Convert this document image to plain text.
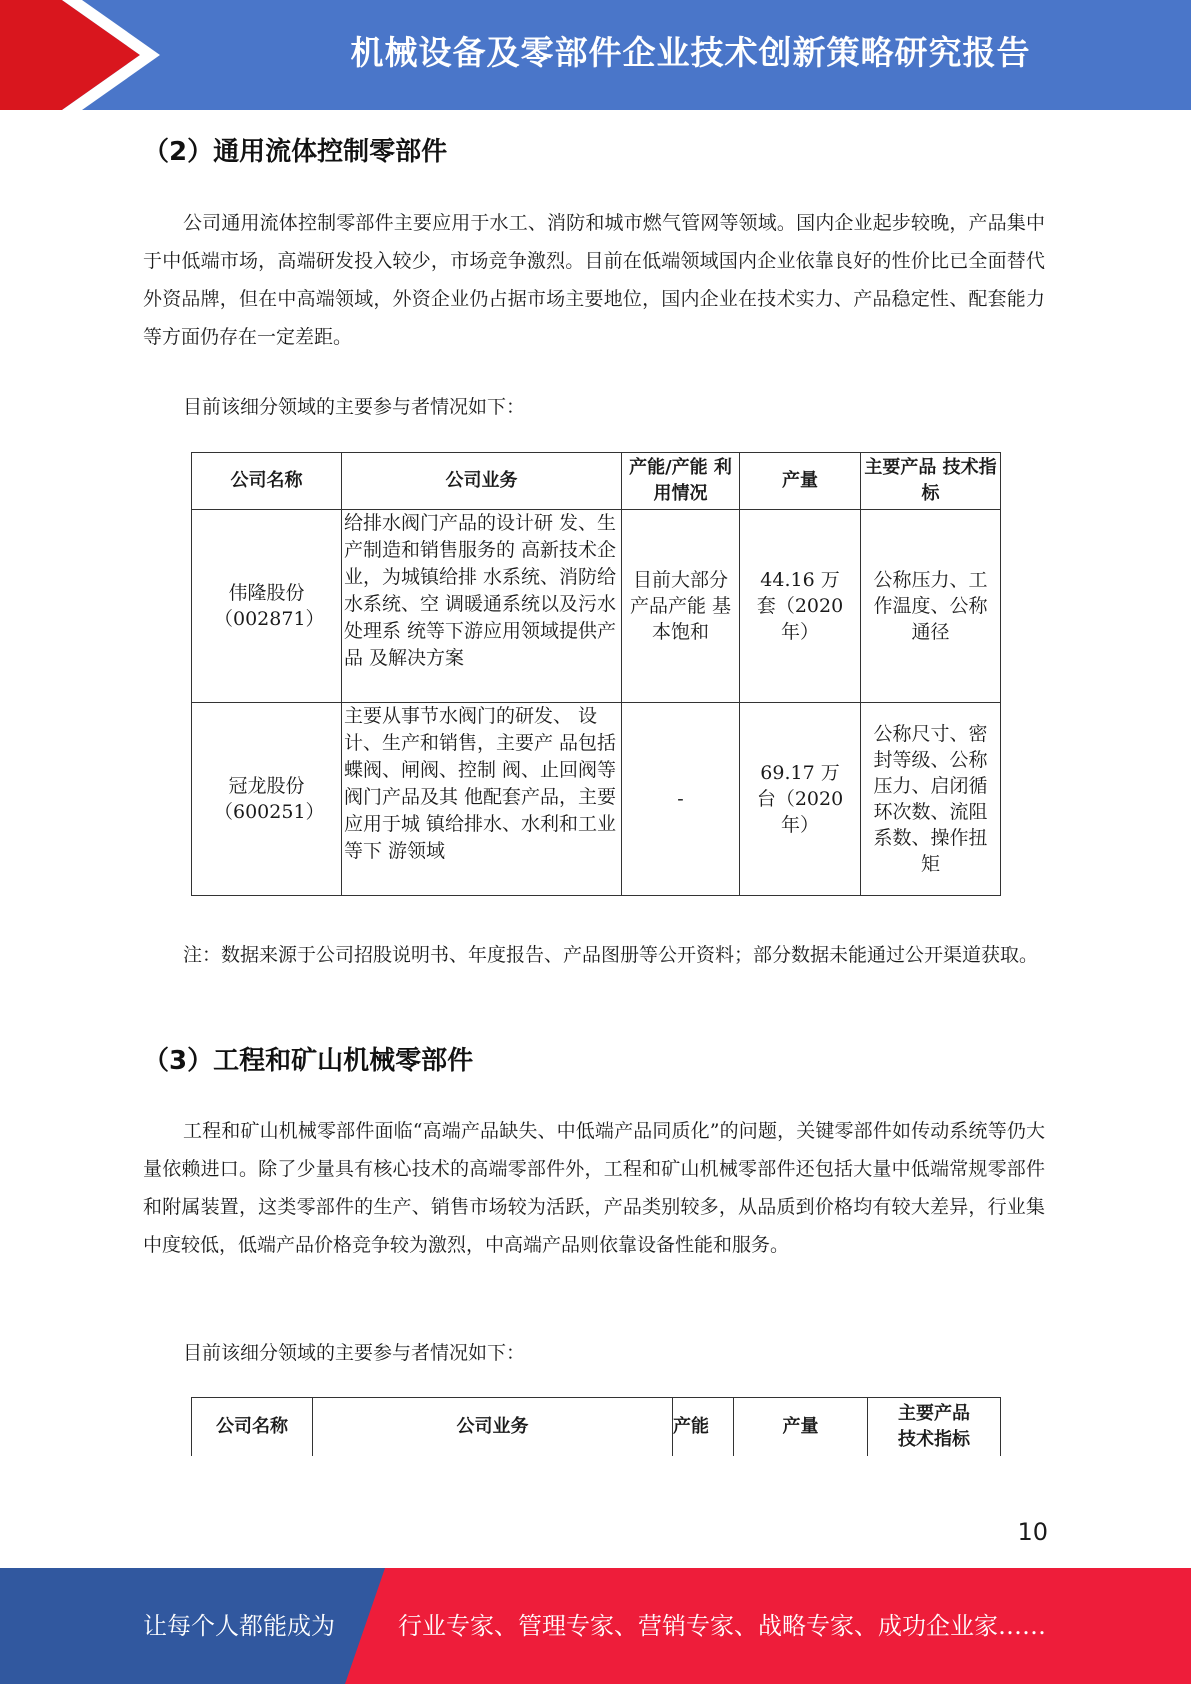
机械设备及零部件企业技术创新策略研究报告
（2）通用流体控制零部件

公司通用流体控制零部件主要应用于水工、消防和城市燃气管网等领域。国内企业起步较晚，产品集中于中低端市场，高端研发投入较少，市场竞争激烈。目前在低端领域国内企业依靠良好的性价比已全面替代外资品牌，但在中高端领域，外资企业仍占据市场主要地位，国内企业在技术实力、产品稳定性、配套能力等方面仍存在一定差距。

目前该细分领域的主要参与者情况如下：
公司名称	公司业务	产能/产能 利用情况	产量	主要产品 技术指标
伟隆股份（002871）	给排水阀门产品的设计研 发、生产制造和销售服务的 高新技术企业，为城镇给排 水系统、消防给水系统、空 调暖通系统以及污水处理系 统等下游应用领域提供产品 及解决方案	目前大部分产品产能 基本饱和	44.16 万套（2020 年）	公称压力、工作温度、公称通径
冠龙股份（600251）	主要从事节水阀门的研发、 设计、生产和销售，主要产 品包括蝶阀、闸阀、控制 阀、止回阀等阀门产品及其 他配套产品，主要应用于城 镇给排水、水利和工业等下 游领域	-	69.17 万台（2020 年）	公称尺寸、密封等级、公称压力、启闭循环次数、流阻系数、操作扭矩

注：数据来源于公司招股说明书、年度报告、产品图册等公开资料；部分数据未能通过公开渠道获取。

（3）工程和矿山机械零部件

工程和矿山机械零部件面临“高端产品缺失、中低端产品同质化”的问题，关键零部件如传动系统等仍大量依赖进口。除了少量具有核心技术的高端零部件外，工程和矿山机械零部件还包括大量中低端常规零部件和附属装置，这类零部件的生产、销售市场较为活跃，产品类别较多，从品质到价格均有较大差异，行业集中度较低，低端产品价格竞争较为激烈，中高端产品则依靠设备性能和服务。

目前该细分领域的主要参与者情况如下：
公司名称	公司业务	产能	产量	主要产品技术指标
10
让每个人都能成为	行业专家、管理专家、营销专家、战略专家、成功企业家……
